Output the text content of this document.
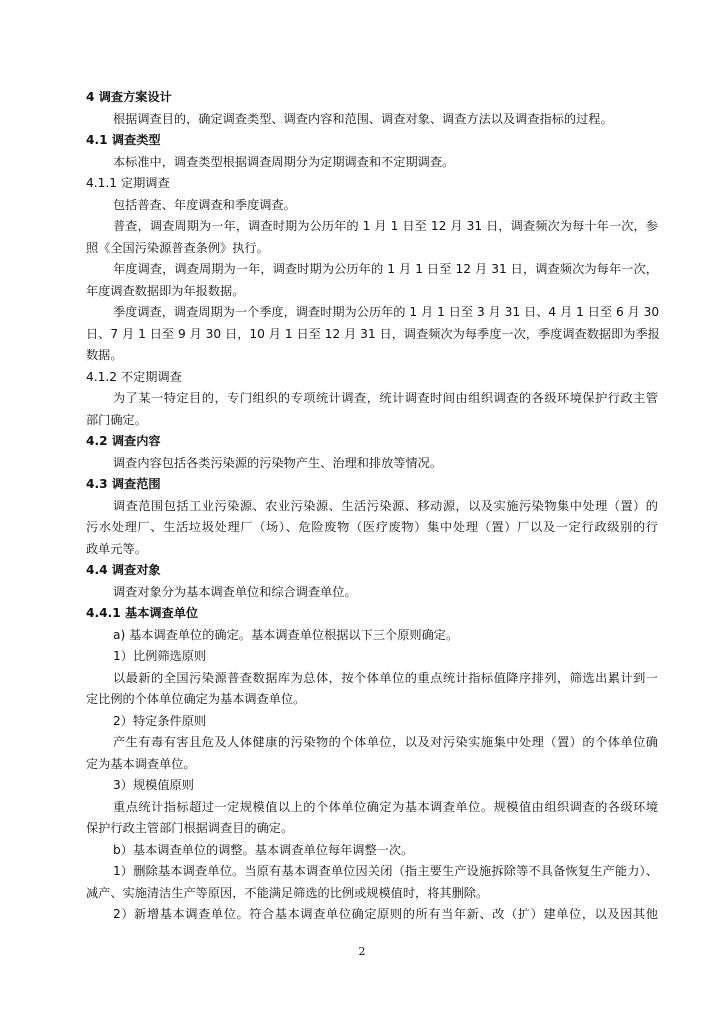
4 调查方案设计
根据调查目的，确定调查类型、调查内容和范围、调查对象、调查方法以及调查指标的过程。
4.1 调查类型
本标准中，调查类型根据调查周期分为定期调查和不定期调查。
4.1.1 定期调查
包括普查、年度调查和季度调查。
普查，调查周期为一年，调查时期为公历年的 1 月 1 日至 12 月 31 日，调查频次为每十年一次，参
照《全国污染源普查条例》执行。
年度调查，调查周期为一年，调查时期为公历年的 1 月 1 日至 12 月 31 日，调查频次为每年一次，
年度调查数据即为年报数据。
季度调查，调查周期为一个季度，调查时期为公历年的 1 月 1 日至 3 月 31 日、4 月 1 日至 6 月 30
日、7 月 1 日至 9 月 30 日，10 月 1 日至 12 月 31 日，调查频次为每季度一次，季度调查数据即为季报
数据。
4.1.2 不定期调查
为了某一特定目的，专门组织的专项统计调查，统计调查时间由组织调查的各级环境保护行政主管
部门确定。
4.2 调查内容
调查内容包括各类污染源的污染物产生、治理和排放等情况。
4.3 调查范围
调查范围包括工业污染源、农业污染源、生活污染源、移动源，以及实施污染物集中处理（置）的
污水处理厂、生活垃圾处理厂（场）、危险废物（医疗废物）集中处理（置）厂以及一定行政级别的行
政单元等。
4.4 调查对象
调查对象分为基本调查单位和综合调查单位。
4.4.1 基本调查单位
a) 基本调查单位的确定。基本调查单位根据以下三个原则确定。
1）比例筛选原则
以最新的全国污染源普查数据库为总体，按个体单位的重点统计指标值降序排列，筛选出累计到一
定比例的个体单位确定为基本调查单位。
2）特定条件原则
产生有毒有害且危及人体健康的污染物的个体单位，以及对污染实施集中处理（置）的个体单位确
定为基本调查单位。
3）规模值原则
重点统计指标超过一定规模值以上的个体单位确定为基本调查单位。规模值由组织调查的各级环境
保护行政主管部门根据调查目的确定。
b）基本调查单位的调整。基本调查单位每年调整一次。
1）删除基本调查单位。当原有基本调查单位因关闭（指主要生产设施拆除等不具备恢复生产能力）、
减产、实施清洁生产等原因，不能满足筛选的比例或规模值时，将其删除。
2）新增基本调查单位。符合基本调查单位确定原则的所有当年新、改（扩）建单位，以及因其他
2
